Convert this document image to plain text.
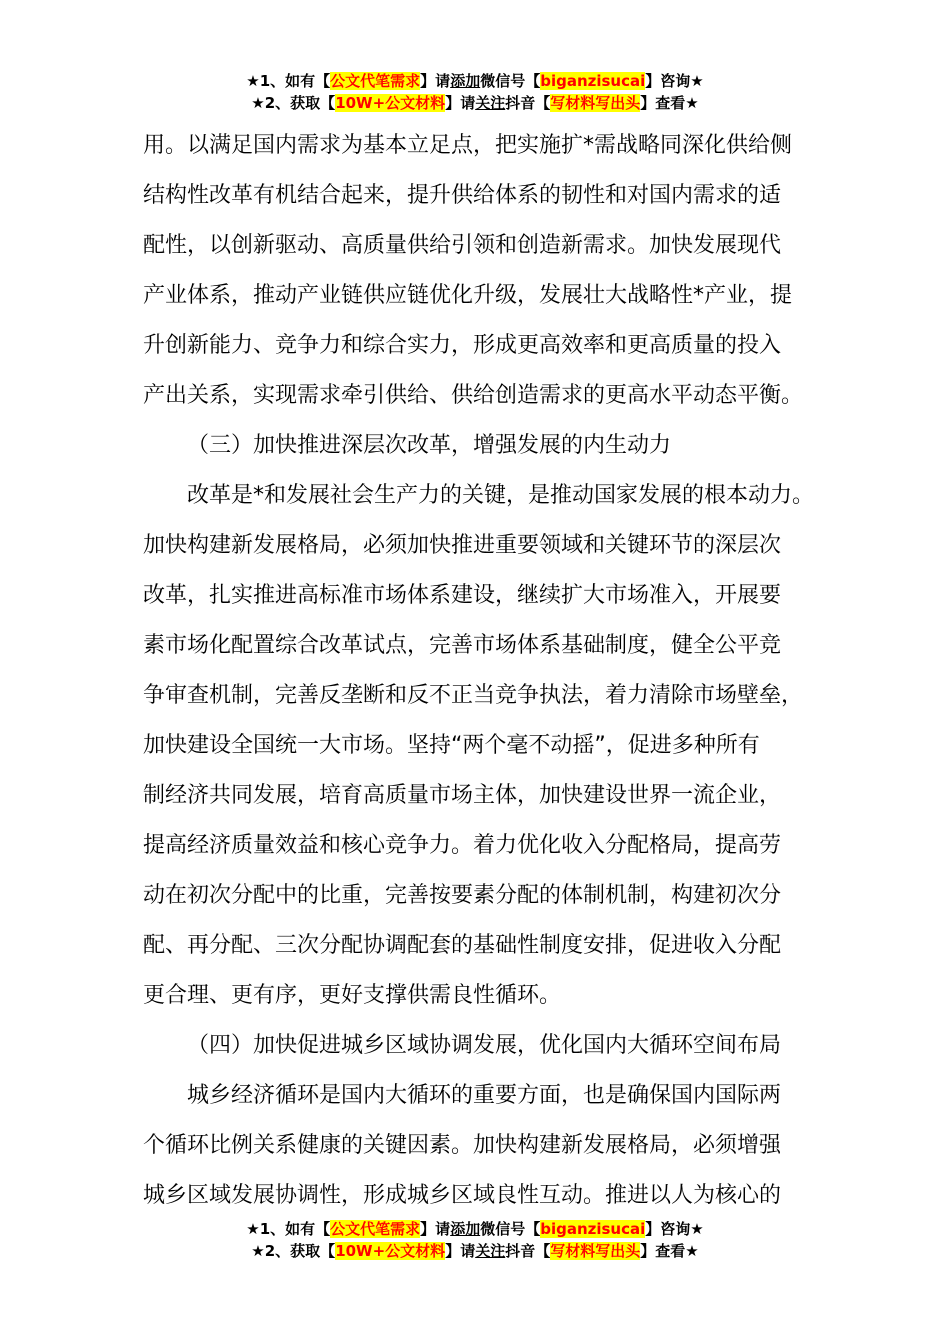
★1、如有【公文代笔需求】请添加微信号【biganzisucai】咨询★
★2、获取【10W+公文材料】请关注抖音【写材料写出头】查看★
用。以满足国内需求为基本立足点，把实施扩*需战略同深化供给侧
结构性改革有机结合起来，提升供给体系的韧性和对国内需求的适
配性，以创新驱动、高质量供给引领和创造新需求。加快发展现代
产业体系，推动产业链供应链优化升级，发展壮大战略性*产业，提
升创新能力、竞争力和综合实力，形成更高效率和更高质量的投入
产出关系，实现需求牵引供给、供给创造需求的更高水平动态平衡。
（三）加快推进深层次改革，增强发展的内生动力
改革是*和发展社会生产力的关键，是推动国家发展的根本动力。
加快构建新发展格局，必须加快推进重要领域和关键环节的深层次
改革，扎实推进高标准市场体系建设，继续扩大市场准入，开展要
素市场化配置综合改革试点，完善市场体系基础制度，健全公平竞
争审查机制，完善反垄断和反不正当竞争执法，着力清除市场壁垒，
加快建设全国统一大市场。坚持“两个毫不动摇”，促进多种所有
制经济共同发展，培育高质量市场主体，加快建设世界一流企业，
提高经济质量效益和核心竞争力。着力优化收入分配格局，提高劳
动在初次分配中的比重，完善按要素分配的体制机制，构建初次分
配、再分配、三次分配协调配套的基础性制度安排，促进收入分配
更合理、更有序，更好支撑供需良性循环。
（四）加快促进城乡区域协调发展，优化国内大循环空间布局
城乡经济循环是国内大循环的重要方面，也是确保国内国际两
个循环比例关系健康的关键因素。加快构建新发展格局，必须增强
城乡区域发展协调性，形成城乡区域良性互动。推进以人为核心的
★1、如有【公文代笔需求】请添加微信号【biganzisucai】咨询★
★2、获取【10W+公文材料】请关注抖音【写材料写出头】查看★
